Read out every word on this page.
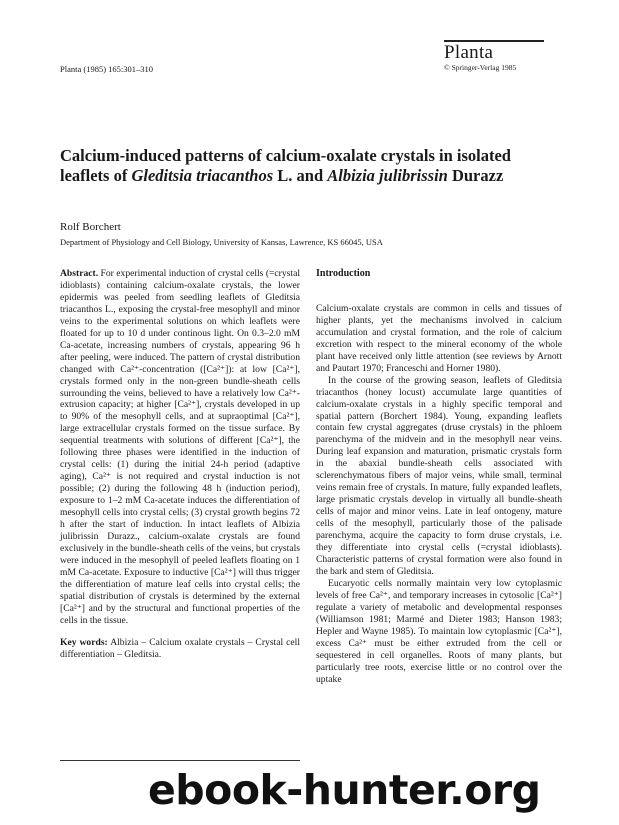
Planta (1985) 165:301–310
Planta
© Springer-Verlag 1985
Calcium-induced patterns of calcium-oxalate crystals in isolated leaflets of Gleditsia triacanthos L. and Albizia julibrissin Durazz
Rolf Borchert
Department of Physiology and Cell Biology, University of Kansas, Lawrence, KS 66045, USA

Abstract. For experimental induction of crystal cells (=crystal idioblasts) containing calcium-oxalate crystals, the lower epidermis was peeled from seedling leaflets of Gleditsia triacanthos L., exposing the crystal-free mesophyll and minor veins to the experimental solutions on which leaflets were floated for up to 10 d under continous light. On 0.3–2.0 mM Ca-acetate, increasing numbers of crystals, appearing 96 h after peeling, were induced. The pattern of crystal distribution changed with Ca²⁺-concentration ([Ca²⁺]): at low [Ca²⁺], crystals formed only in the non-green bundle-sheath cells surrounding the veins, believed to have a relatively low Ca²⁺-extrusion capacity; at higher [Ca²⁺], crystals developed in up to 90% of the mesophyll cells, and at supraoptimal [Ca²⁺], large extracellular crystals formed on the tissue surface. By sequential treatments with solutions of different [Ca²⁺], the following three phases were identified in the induction of crystal cells: (1) during the initial 24-h period (adaptive aging), Ca²⁺ is not required and crystal induction is not possible; (2) during the following 48 h (induction period), exposure to 1–2 mM Ca-acetate induces the differentiation of mesophyll cells into crystal cells; (3) crystal growth begins 72 h after the start of induction. In intact leaflets of Albizia julibrissin Durazz., calcium-oxalate crystals are found exclusively in the bundle-sheath cells of the veins, but crystals were induced in the mesophyll of peeled leaflets floating on 1 mM Ca-acetate. Exposure to inductive [Ca²⁺] will thus trigger the differentiation of mature leaf cells into crystal cells; the spatial distribution of crystals is determined by the external [Ca²⁺] and by the structural and functional properties of the cells in the tissue.

Key words: Albizia – Calcium oxalate crystals – Crystal cell differentiation – Gleditsia.

Introduction

Calcium-oxalate crystals are common in cells and tissues of higher plants, yet the mechanisms involved in calcium accumulation and crystal formation, and the role of calcium excretion with respect to the mineral economy of the whole plant have received only little attention (see reviews by Arnott and Pautart 1970; Franceschi and Horner 1980).

In the course of the growing season, leaflets of Gleditsia triacanthos (honey locust) accumulate large quantities of calcium-oxalate crystals in a highly specific temporal and spatial pattern (Borchert 1984). Young, expanding leaflets contain few crystal aggregates (druse crystals) in the phloem parenchyma of the midvein and in the mesophyll near veins. During leaf expansion and maturation, prismatic crystals form in the abaxial bundle-sheath cells associated with sclerenchymatous fibers of major veins, while small, terminal veins remain free of crystals. In mature, fully expanded leaflets, large prismatic crystals develop in virtually all bundle-sheath cells of major and minor veins. Late in leaf ontogeny, mature cells of the mesophyll, particularly those of the palisade parenchyma, acquire the capacity to form druse crystals, i.e. they differentiate into crystal cells (=crystal idioblasts). Characteristic patterns of crystal formation were also found in the bark and stem of Gleditsia.

Eucaryotic cells normally maintain very low cytoplasmic levels of free Ca²⁺, and temporary increases in cytosolic [Ca²⁺] regulate a variety of metabolic and developmental responses (Williamson 1981; Marmé and Dieter 1983; Hanson 1983; Hepler and Wayne 1985). To maintain low cytoplasmic [Ca²⁺], excess Ca²⁺ must be either extruded from the cell or sequestered in cell organelles. Roots of many plants, but particularly tree roots, exercise little or no control over the uptake

ebook-hunter.org
